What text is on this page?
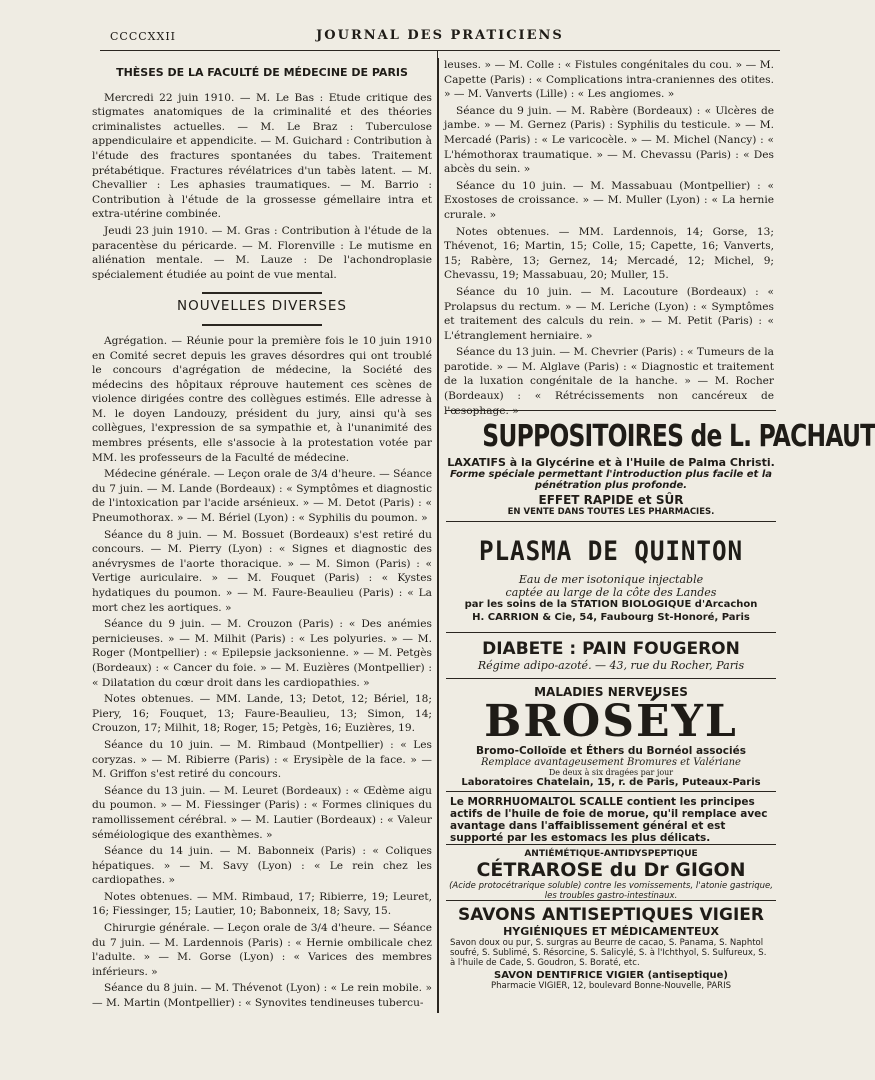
CCCCXXII	JOURNAL DES PRATICIENS
THÈSES DE LA FACULTÉ DE MÉDECINE DE PARIS

Mercredi 22 juin 1910. — M. Le Bas : Etude critique des stigmates anatomiques de la criminalité et des théories criminalistes actuelles. — M. Le Braz : Tuberculose appendiculaire et appendicite. — M. Guichard : Contribution à l'étude des fractures spontanées du tabes. Traitement prétabétique. Fractures révélatrices d'un tabès latent. — M. Chevallier : Les aphasies traumatiques. — M. Barrio : Contribution à l'étude de la grossesse gémellaire intra et extra-utérine combinée.

Jeudi 23 juin 1910. — M. Gras : Contribution à l'étude de la paracentèse du péricarde. — M. Florenville : Le mutisme en aliénation mentale. — M. Lauze : De l'achondroplasie spécialement étudiée au point de vue mental.

NOUVELLES DIVERSES

Agrégation. — Réunie pour la première fois le 10 juin 1910 en Comité secret depuis les graves désordres qui ont troublé le concours d'agrégation de médecine, la Société des médecins des hôpitaux réprouve hautement ces scènes de violence dirigées contre des collègues estimés. Elle adresse à M. le doyen Landouzy, président du jury, ainsi qu'à ses collègues, l'expression de sa sympathie et, à l'unanimité des membres présents, elle s'associe à la protestation votée par MM. les professeurs de la Faculté de médecine.

Médecine générale. — Leçon orale de 3/4 d'heure. — Séance du 7 juin. — M. Lande (Bordeaux) : « Symptômes et diagnostic de l'intoxication par l'acide arsénieux. » — M. Detot (Paris) : « Pneumothorax. » — M. Bériel (Lyon) : « Syphilis du poumon. »

Séance du 8 juin. — M. Bossuet (Bordeaux) s'est retiré du concours. — M. Pierry (Lyon) : « Signes et diagnostic des anévrysmes de l'aorte thoracique. » — M. Simon (Paris) : « Vertige auriculaire. » — M. Fouquet (Paris) : « Kystes hydatiques du poumon. » — M. Faure-Beaulieu (Paris) : « La mort chez les aortiques. »

Séance du 9 juin. — M. Crouzon (Paris) : « Des anémies pernicieuses. » — M. Milhit (Paris) : « Les polyuries. » — M. Roger (Montpellier) : « Epilepsie jacksonienne. » — M. Petgès (Bordeaux) : « Cancer du foie. » — M. Euzières (Montpellier) : « Dilatation du cœur droit dans les cardiopathies. »

Notes obtenues. — MM. Lande, 13; Detot, 12; Bériel, 18; Piery, 16; Fouquet, 13; Faure-Beaulieu, 13; Simon, 14; Crouzon, 17; Milhit, 18; Roger, 15; Petgès, 16; Euzières, 19.

Séance du 10 juin. — M. Rimbaud (Montpellier) : « Les coryzas. » — M. Ribierre (Paris) : « Erysipèle de la face. » — M. Griffon s'est retiré du concours.

Séance du 13 juin. — M. Leuret (Bordeaux) : « Œdème aigu du poumon. » — M. Fiessinger (Paris) : « Formes cliniques du ramollissement cérébral. » — M. Lautier (Bordeaux) : « Valeur séméiologique des exanthèmes. »

Séance du 14 juin. — M. Babonneix (Paris) : « Coliques hépatiques. » — M. Savy (Lyon) : « Le rein chez les cardiopathes. »

Notes obtenues. — MM. Rimbaud, 17; Ribierre, 19; Leuret, 16; Fiessinger, 15; Lautier, 10; Babonneix, 18; Savy, 15.

Chirurgie générale. — Leçon orale de 3/4 d'heure. — Séance du 7 juin. — M. Lardennois (Paris) : « Hernie ombilicale chez l'adulte. » — M. Gorse (Lyon) : « Varices des membres inférieurs. »

Séance du 8 juin. — M. Thévenot (Lyon) : « Le rein mobile. » — M. Martin (Montpellier) : « Synovites tendineuses tubercu-

leuses. » — M. Colle : « Fistules congénitales du cou. » — M. Capette (Paris) : « Complications intra-craniennes des otites. » — M. Vanverts (Lille) : « Les angiomes. »

Séance du 9 juin. — M. Rabère (Bordeaux) : « Ulcères de jambe. » — M. Gernez (Paris) : Syphilis du testicule. » — M. Mercadé (Paris) : « Le varicocèle. » — M. Michel (Nancy) : « L'hémothorax traumatique. » — M. Chevassu (Paris) : « Des abcès du sein. »

Séance du 10 juin. — M. Massabuau (Montpellier) : « Exostoses de croissance. » — M. Muller (Lyon) : « La hernie crurale. »

Notes obtenues. — MM. Lardennois, 14; Gorse, 13; Thévenot, 16; Martin, 15; Colle, 15; Capette, 16; Vanverts, 15; Rabère, 13; Gernez, 14; Mercadé, 12; Michel, 9; Chevassu, 19; Massabuau, 20; Muller, 15.

Séance du 10 juin. — M. Lacouture (Bordeaux) : « Prolapsus du rectum. » — M. Leriche (Lyon) : « Symptômes et traitement des calculs du rein. » — M. Petit (Paris) : « L'étranglement herniaire. »

Séance du 13 juin. — M. Chevrier (Paris) : « Tumeurs de la parotide. » — M. Alglave (Paris) : « Diagnostic et traitement de la luxation congénitale de la hanche. » — M. Rocher (Bordeaux) : « Rétrécissements non cancéreux de l'œsophage. »

SUPPOSITOIRES de L. PACHAUT
LAXATIFS à la Glycérine et à l'Huile de Palma Christi.
Forme spéciale permettant l'introduction plus facile et la pénétration plus profonde.
EFFET RAPIDE et SÛR
EN VENTE DANS TOUTES LES PHARMACIES.
PLASMA DE QUINTON
Eau de mer isotonique injectable
captée au large de la côte des Landes
par les soins de la STATION BIOLOGIQUE d'Arcachon
H. CARRION & Cie, 54, Faubourg St-Honoré, Paris
DIABETE : PAIN FOUGERON
Régime adipo-azoté. — 43, rue du Rocher, Paris
MALADIES NERVEUSES
BROSÉYL
Bromo-Colloïde et Éthers du Bornéol associés
Remplace avantageusement Bromures et Valériane
De deux à six dragées par jour
Laboratoires Chatelain, 15, r. de Paris, Puteaux-Paris
Le MORRHUOMALTOL SCALLE contient les principes actifs de l'huile de foie de morue, qu'il remplace avec avantage dans l'affaiblissement général et est supporté par les estomacs les plus délicats.
ANTIÉMÉTIQUE-ANTIDYSPEPTIQUE
CÉTRAROSE du Dr GIGON
(Acide protocétrarique soluble) contre les vomissements, l'atonie gastrique, les troubles gastro-intestinaux.
SAVONS ANTISEPTIQUES VIGIER
HYGIÉNIQUES ET MÉDICAMENTEUX
Savon doux ou pur, S. surgras au Beurre de cacao, S. Panama, S. Naphtol soufré, S. Sublimé, S. Résorcine, S. Salicylé, S. à l'Ichthyol, S. Sulfureux, S. à l'huile de Cade, S. Goudron, S. Boraté, etc.
SAVON DENTIFRICE VIGIER (antiseptique)
Pharmacie VIGIER, 12, boulevard Bonne-Nouvelle, PARIS
